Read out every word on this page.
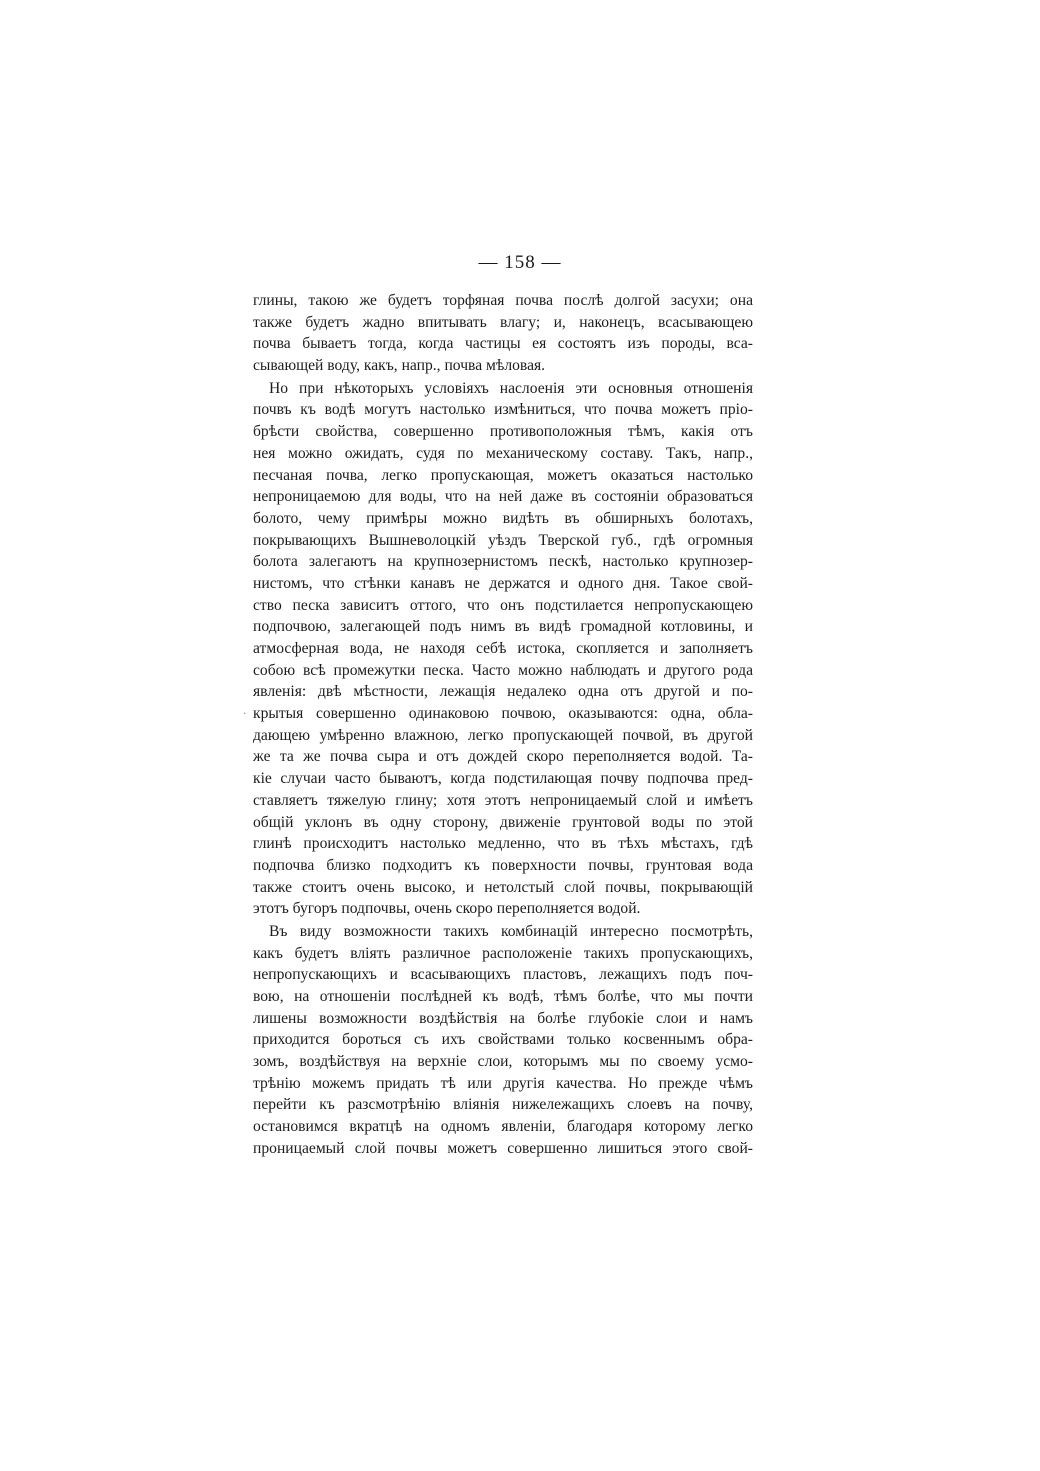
— 158 —

глины, такою же будетъ торфяная почва послѣ долгой засухи; она
также будетъ жадно впитывать влагу; и, наконецъ, всасывающею
почва бываетъ тогда, когда частицы ея состоятъ изъ породы, вса-
сывающей воду, какъ, напр., почва мѣловая.

Но при нѣкоторыхъ условіяхъ наслоенія эти основныя отношенія
почвъ къ водѣ могутъ настолько измѣниться, что почва можетъ пріо-
брѣсти свойства, совершенно противоположныя тѣмъ, какія отъ
нея можно ожидать, судя по механическому составу. Такъ, напр.,
песчаная почва, легко пропускающая, можетъ оказаться настолько
непроницаемою для воды, что на ней даже въ состояніи образоваться
болото, чему примѣры можно видѣть въ обширныхъ болотахъ,
покрывающихъ Вышневолоцкій уѣздъ Тверской губ., гдѣ огромныя
болота залегаютъ на крупнозернистомъ пескѣ, настолько крупнозер-
нистомъ, что стѣнки канавъ не держатся и одного дня. Такое свой-
ство песка зависитъ оттого, что онъ подстилается непропускающею
подпочвою, залегающей подъ нимъ въ видѣ громадной котловины, и
атмосферная вода, не находя себѣ истока, скопляется и заполняетъ
собою всѣ промежутки песка. Часто можно наблюдать и другого рода
явленія: двѣ мѣстности, лежащія недалеко одна отъ другой и по-
крытыя совершенно одинаковою почвою, оказываются: одна, обла-
дающею умѣренно влажною, легко пропускающей почвой, въ другой
же та же почва сыра и отъ дождей скоро переполняется водой. Та-
кіе случаи часто бываютъ, когда подстилающая почву подпочва пред-
ставляетъ тяжелую глину; хотя этотъ непроницаемый слой и имѣетъ
общій уклонъ въ одну сторону, движеніе грунтовой воды по этой
глинѣ происходитъ настолько медленно, что въ тѣхъ мѣстахъ, гдѣ
подпочва близко подходитъ къ поверхности почвы, грунтовая вода
также стоитъ очень высоко, и нетолстый слой почвы, покрывающій
этотъ бугоръ подпочвы, очень скоро переполняется водой.

Въ виду возможности такихъ комбинацій интересно посмотрѣть,
какъ будетъ вліять различное расположеніе такихъ пропускающихъ,
непропускающихъ и всасывающихъ пластовъ, лежащихъ подъ поч-
вою, на отношеніи послѣдней къ водѣ, тѣмъ болѣе, что мы почти
лишены возможности воздѣйствія на болѣе глубокіе слои и намъ
приходится бороться съ ихъ свойствами только косвеннымъ обра-
зомъ, воздѣйствуя на верхніе слои, которымъ мы по своему усмо-
трѣнію можемъ придать тѣ или другія качества. Но прежде чѣмъ
перейти къ разсмотрѣнію вліянія нижележащихъ слоевъ на почву,
остановимся вкратцѣ на одномъ явленіи, благодаря которому легко
проницаемый слой почвы можетъ совершенно лишиться этого свой-

·
